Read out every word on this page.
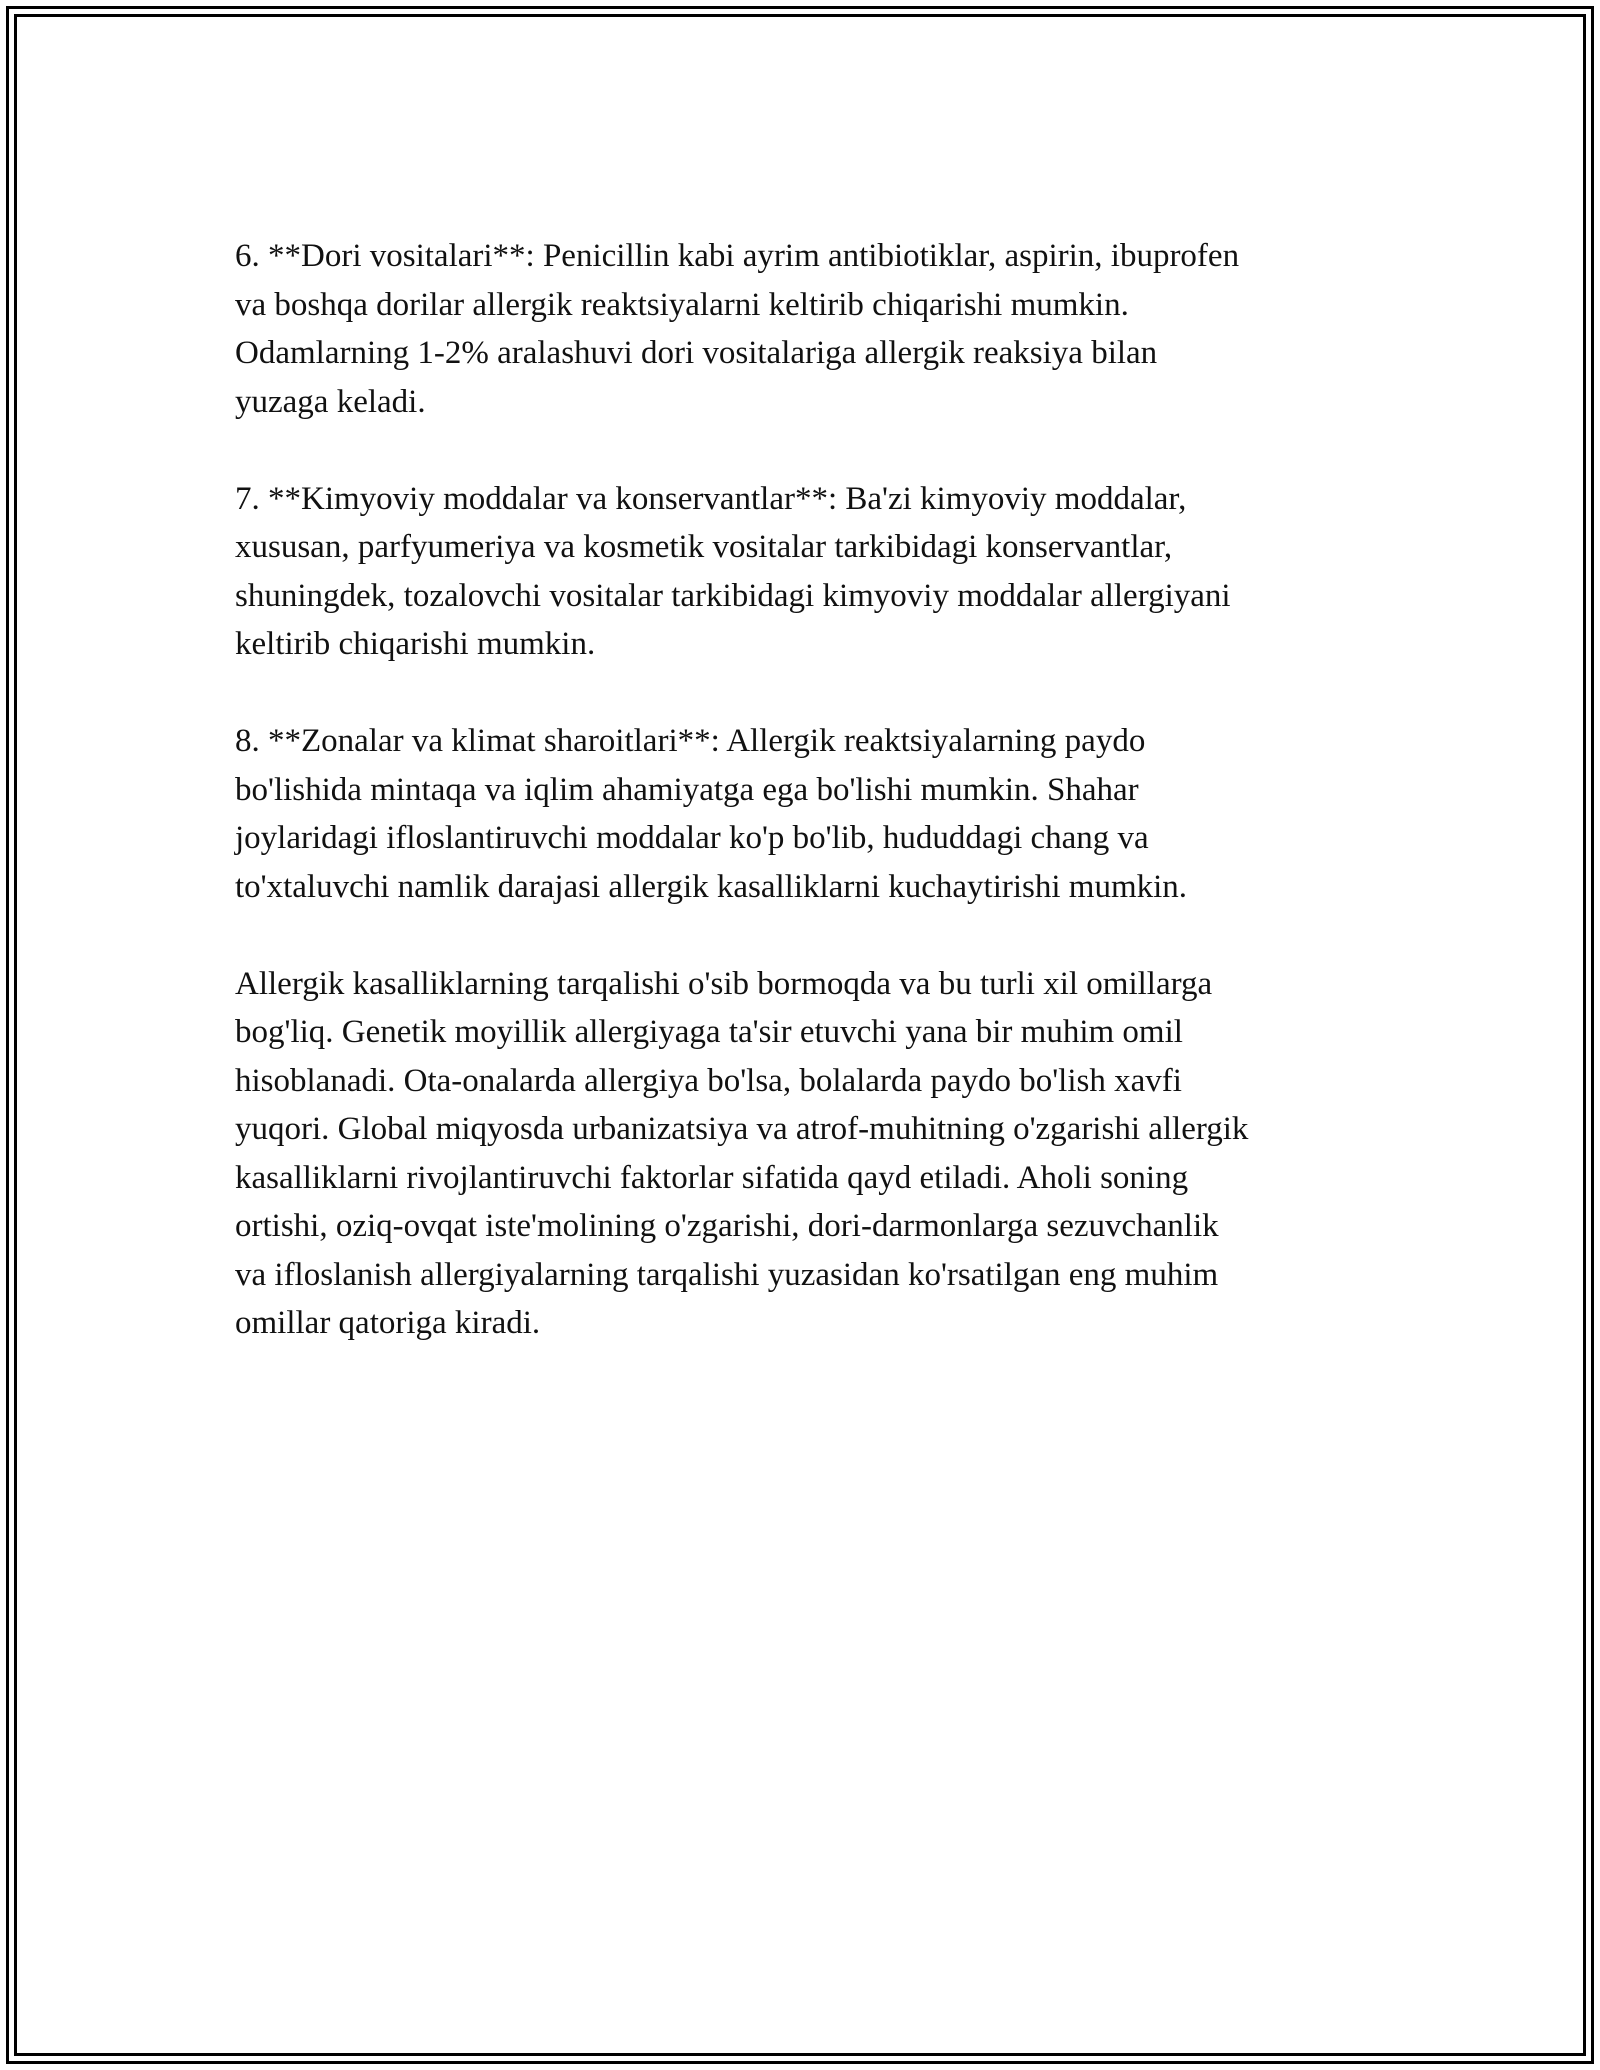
6. **Dori vositalari**: Penicillin kabi ayrim antibiotiklar, aspirin, ibuprofen
va boshqa dorilar allergik reaktsiyalarni keltirib chiqarishi mumkin.
Odamlarning 1-2% aralashuvi dori vositalariga allergik reaksiya bilan
yuzaga keladi.

7. **Kimyoviy moddalar va konservantlar**: Ba'zi kimyoviy moddalar,
xususan, parfyumeriya va kosmetik vositalar tarkibidagi konservantlar,
shuningdek, tozalovchi vositalar tarkibidagi kimyoviy moddalar allergiyani
keltirib chiqarishi mumkin.

8. **Zonalar va klimat sharoitlari**: Allergik reaktsiyalarning paydo
bo'lishida mintaqa va iqlim ahamiyatga ega bo'lishi mumkin. Shahar
joylaridagi ifloslantiruvchi moddalar ko'p bo'lib, hududdagi chang va
to'xtaluvchi namlik darajasi allergik kasalliklarni kuchaytirishi mumkin.

Allergik kasalliklarning tarqalishi o'sib bormoqda va bu turli xil omillarga
bog'liq. Genetik moyillik allergiyaga ta'sir etuvchi yana bir muhim omil
hisoblanadi. Ota-onalarda allergiya bo'lsa, bolalarda paydo bo'lish xavfi
yuqori. Global miqyosda urbanizatsiya va atrof-muhitning o'zgarishi allergik
kasalliklarni rivojlantiruvchi faktorlar sifatida qayd etiladi. Aholi soning
ortishi, oziq-ovqat iste'molining o'zgarishi, dori-darmonlarga sezuvchanlik
va ifloslanish allergiyalarning tarqalishi yuzasidan ko'rsatilgan eng muhim
omillar qatoriga kiradi.
